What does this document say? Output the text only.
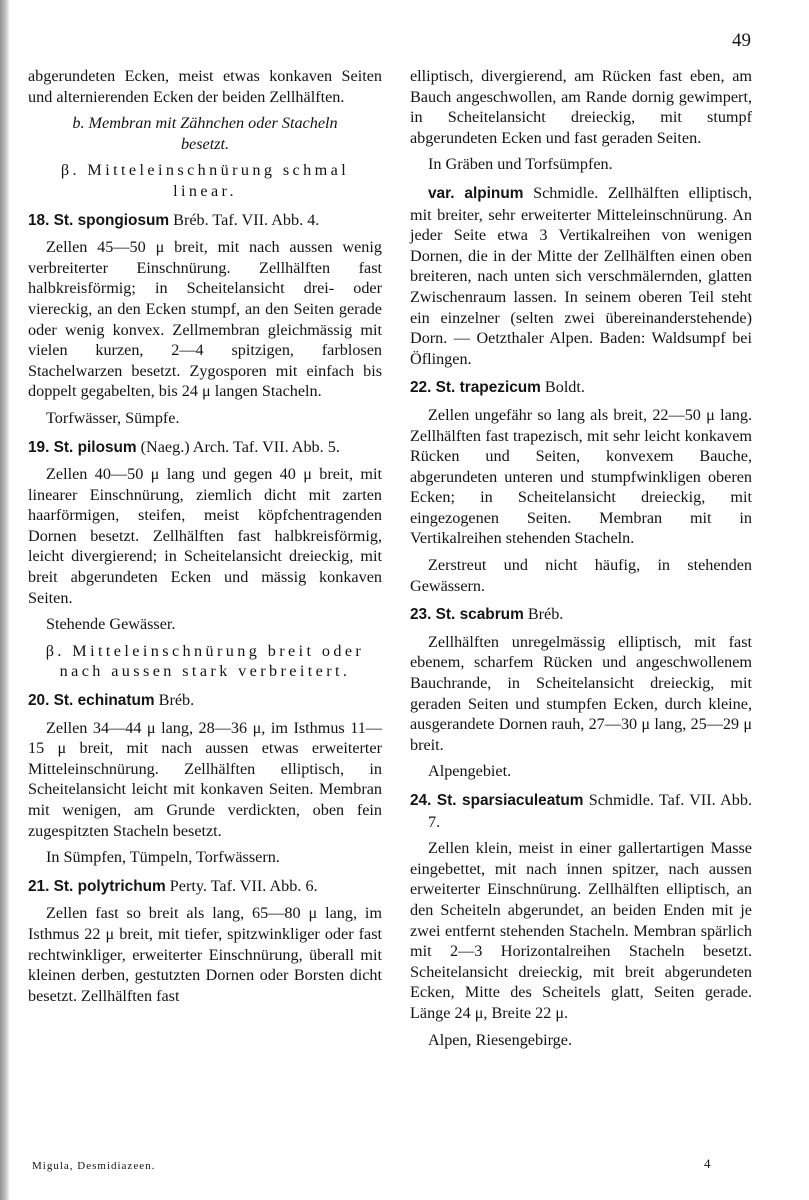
49

abgerundeten Ecken, meist etwas konkaven Seiten und alternierenden Ecken der beiden Zellhälften.

b. Membran mit Zähnchen oder Stacheln besetzt.

β. Mitteleinschnürung schmal linear.

18. St. spongiosum Bréb. Taf. VII. Abb. 4.

Zellen 45—50 μ breit, mit nach aussen wenig verbreiterter Einschnürung. Zellhälften fast halbkreisförmig; in Scheitelansicht drei- oder viereckig, an den Ecken stumpf, an den Seiten gerade oder wenig konvex. Zellmembran gleichmässig mit vielen kurzen, 2—4 spitzigen, farblosen Stachelwarzen besetzt. Zygosporen mit einfach bis doppelt gegabelten, bis 24 μ langen Stacheln.

Torfwässer, Sümpfe.

19. St. pilosum (Naeg.) Arch. Taf. VII. Abb. 5.

Zellen 40—50 μ lang und gegen 40 μ breit, mit linearer Einschnürung, ziemlich dicht mit zarten haarförmigen, steifen, meist köpfchentragenden Dornen besetzt. Zellhälften fast halbkreisförmig, leicht divergierend; in Scheitelansicht dreieckig, mit breit abgerundeten Ecken und mässig konkaven Seiten.

Stehende Gewässer.

β. Mitteleinschnürung breit oder nach aussen stark verbreitert.

20. St. echinatum Bréb.

Zellen 34—44 μ lang, 28—36 μ, im Isthmus 11—15 μ breit, mit nach aussen etwas erweiterter Mitteleinschnürung. Zellhälften elliptisch, in Scheitelansicht leicht mit konkaven Seiten. Membran mit wenigen, am Grunde verdickten, oben fein zugespitzten Stacheln besetzt.

In Sümpfen, Tümpeln, Torfwässern.

21. St. polytrichum Perty. Taf. VII. Abb. 6.

Zellen fast so breit als lang, 65—80 μ lang, im Isthmus 22 μ breit, mit tiefer, spitzwinkliger oder fast rechtwinkliger, erweiterter Einschnürung, überall mit kleinen derben, gestutzten Dornen oder Borsten dicht besetzt. Zellhälften fast

elliptisch, divergierend, am Rücken fast eben, am Bauch angeschwollen, am Rande dornig gewimpert, in Scheitelansicht dreieckig, mit stumpf abgerundeten Ecken und fast geraden Seiten.

In Gräben und Torfsümpfen.

var. alpinum Schmidle. Zellhälften elliptisch, mit breiter, sehr erweiterter Mitteleinschnürung. An jeder Seite etwa 3 Vertikalreihen von wenigen Dornen, die in der Mitte der Zellhälften einen oben breiteren, nach unten sich verschmälernden, glatten Zwischenraum lassen. In seinem oberen Teil steht ein einzelner (selten zwei übereinanderstehende) Dorn. — Oetzthaler Alpen. Baden: Waldsumpf bei Öflingen.

22. St. trapezicum Boldt.

Zellen ungefähr so lang als breit, 22—50 μ lang. Zellhälften fast trapezisch, mit sehr leicht konkavem Rücken und Seiten, konvexem Bauche, abgerundeten unteren und stumpfwinkligen oberen Ecken; in Scheitelansicht dreieckig, mit eingezogenen Seiten. Membran mit in Vertikalreihen stehenden Stacheln.

Zerstreut und nicht häufig, in stehenden Gewässern.

23. St. scabrum Bréb.

Zellhälften unregelmässig elliptisch, mit fast ebenem, scharfem Rücken und angeschwollenem Bauchrande, in Scheitelansicht dreieckig, mit geraden Seiten und stumpfen Ecken, durch kleine, ausgerandete Dornen rauh, 27—30 μ lang, 25—29 μ breit.

Alpengebiet.

24. St. sparsiaculeatum Schmidle. Taf. VII. Abb. 7.

Zellen klein, meist in einer gallertartigen Masse eingebettet, mit nach innen spitzer, nach aussen erweiterter Einschnürung. Zellhälften elliptisch, an den Scheiteln abgerundet, an beiden Enden mit je zwei entfernt stehenden Stacheln. Membran spärlich mit 2—3 Horizontalreihen Stacheln besetzt. Scheitelansicht dreieckig, mit breit abgerundeten Ecken, Mitte des Scheitels glatt, Seiten gerade. Länge 24 μ, Breite 22 μ.

Alpen, Riesengebirge.

Migula, Desmidiazeen.	4
